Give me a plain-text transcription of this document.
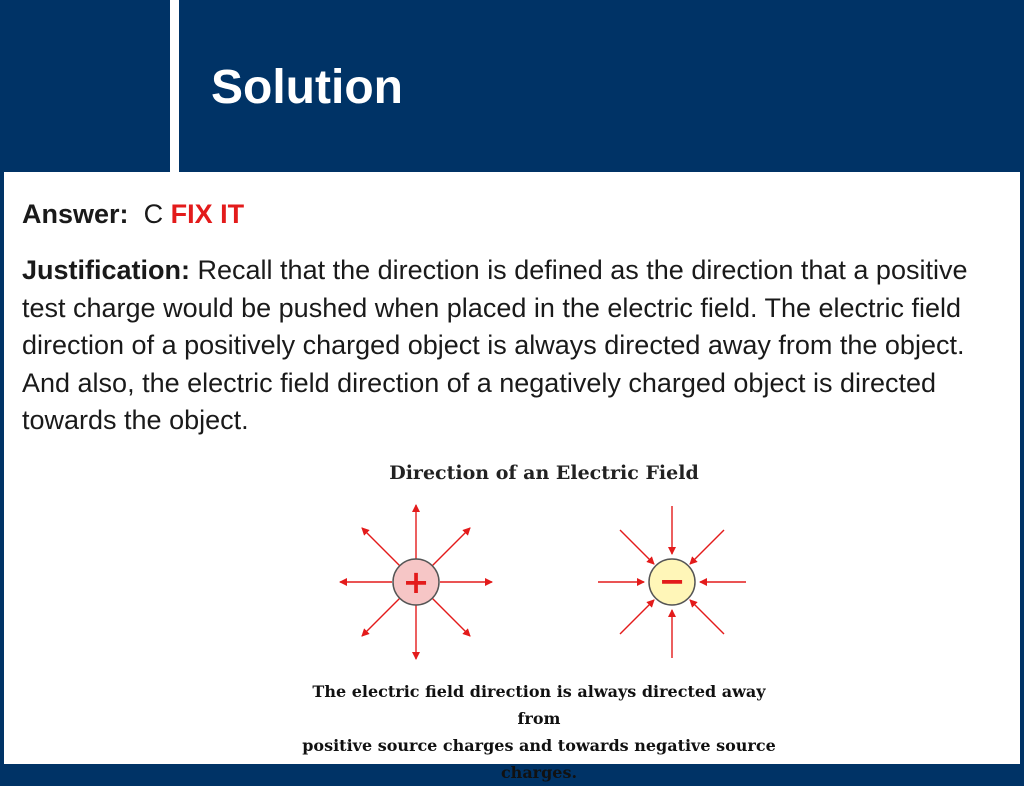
Solution
Answer: C FIX IT
Justification: Recall that the direction is defined as the direction that a positive test charge would be pushed when placed in the electric field. The electric field direction of a positively charged object is always directed away from the object. And also, the electric field direction of a negatively charged object is directed towards the object.
Direction of an Electric Field
+	−
The electric field direction is always directed away from
positive source charges and towards negative source charges.
